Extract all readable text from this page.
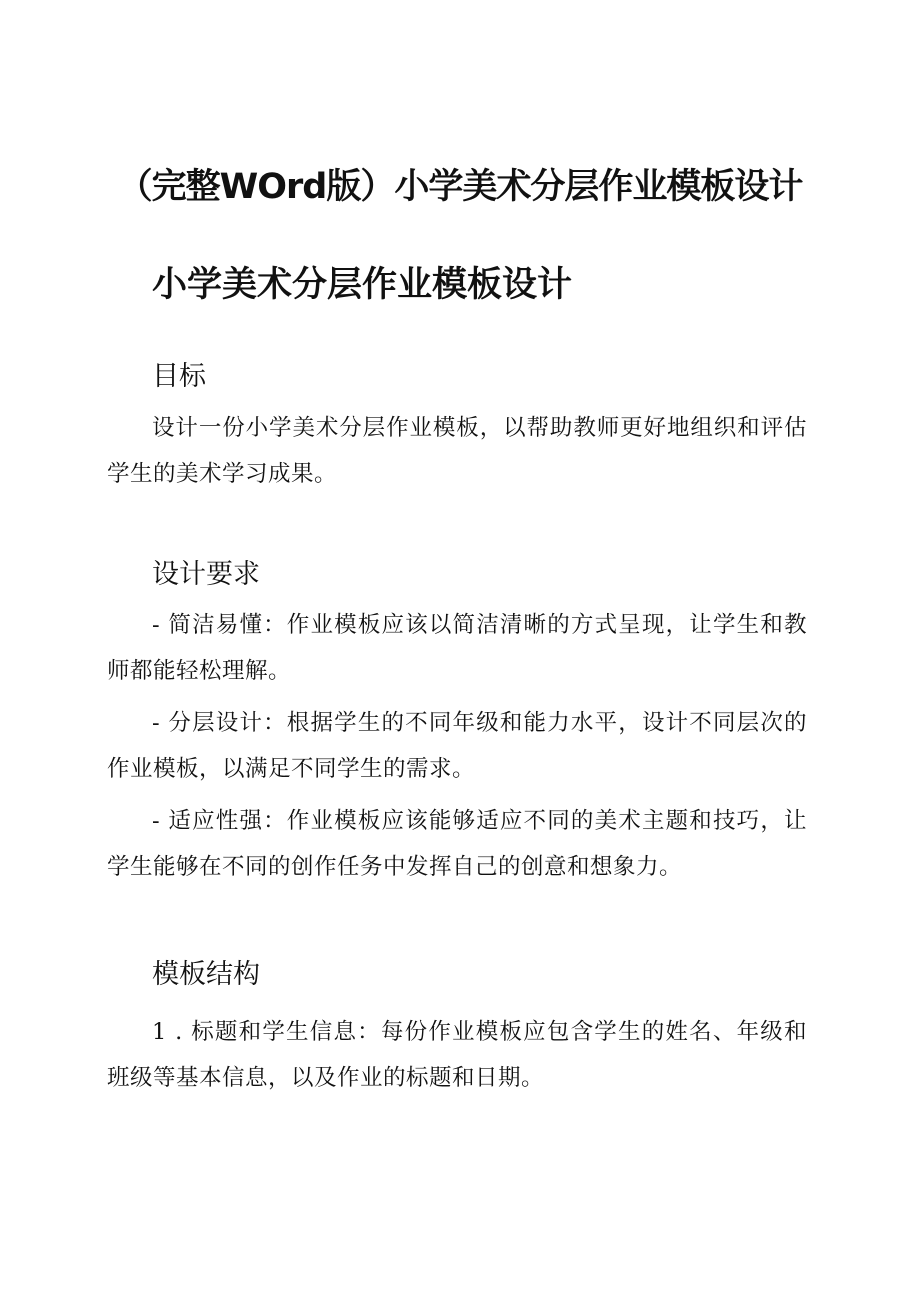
（完整WOrd版）小学美术分层作业模板设计
小学美术分层作业模板设计
目标
设计一份小学美术分层作业模板，以帮助教师更好地组织和评估学生的美术学习成果。
设计要求
- 简洁易懂：作业模板应该以简洁清晰的方式呈现，让学生和教师都能轻松理解。
- 分层设计：根据学生的不同年级和能力水平，设计不同层次的作业模板，以满足不同学生的需求。
- 适应性强：作业模板应该能够适应不同的美术主题和技巧，让学生能够在不同的创作任务中发挥自己的创意和想象力。
模板结构
1 . 标题和学生信息：每份作业模板应包含学生的姓名、年级和班级等基本信息，以及作业的标题和日期。
